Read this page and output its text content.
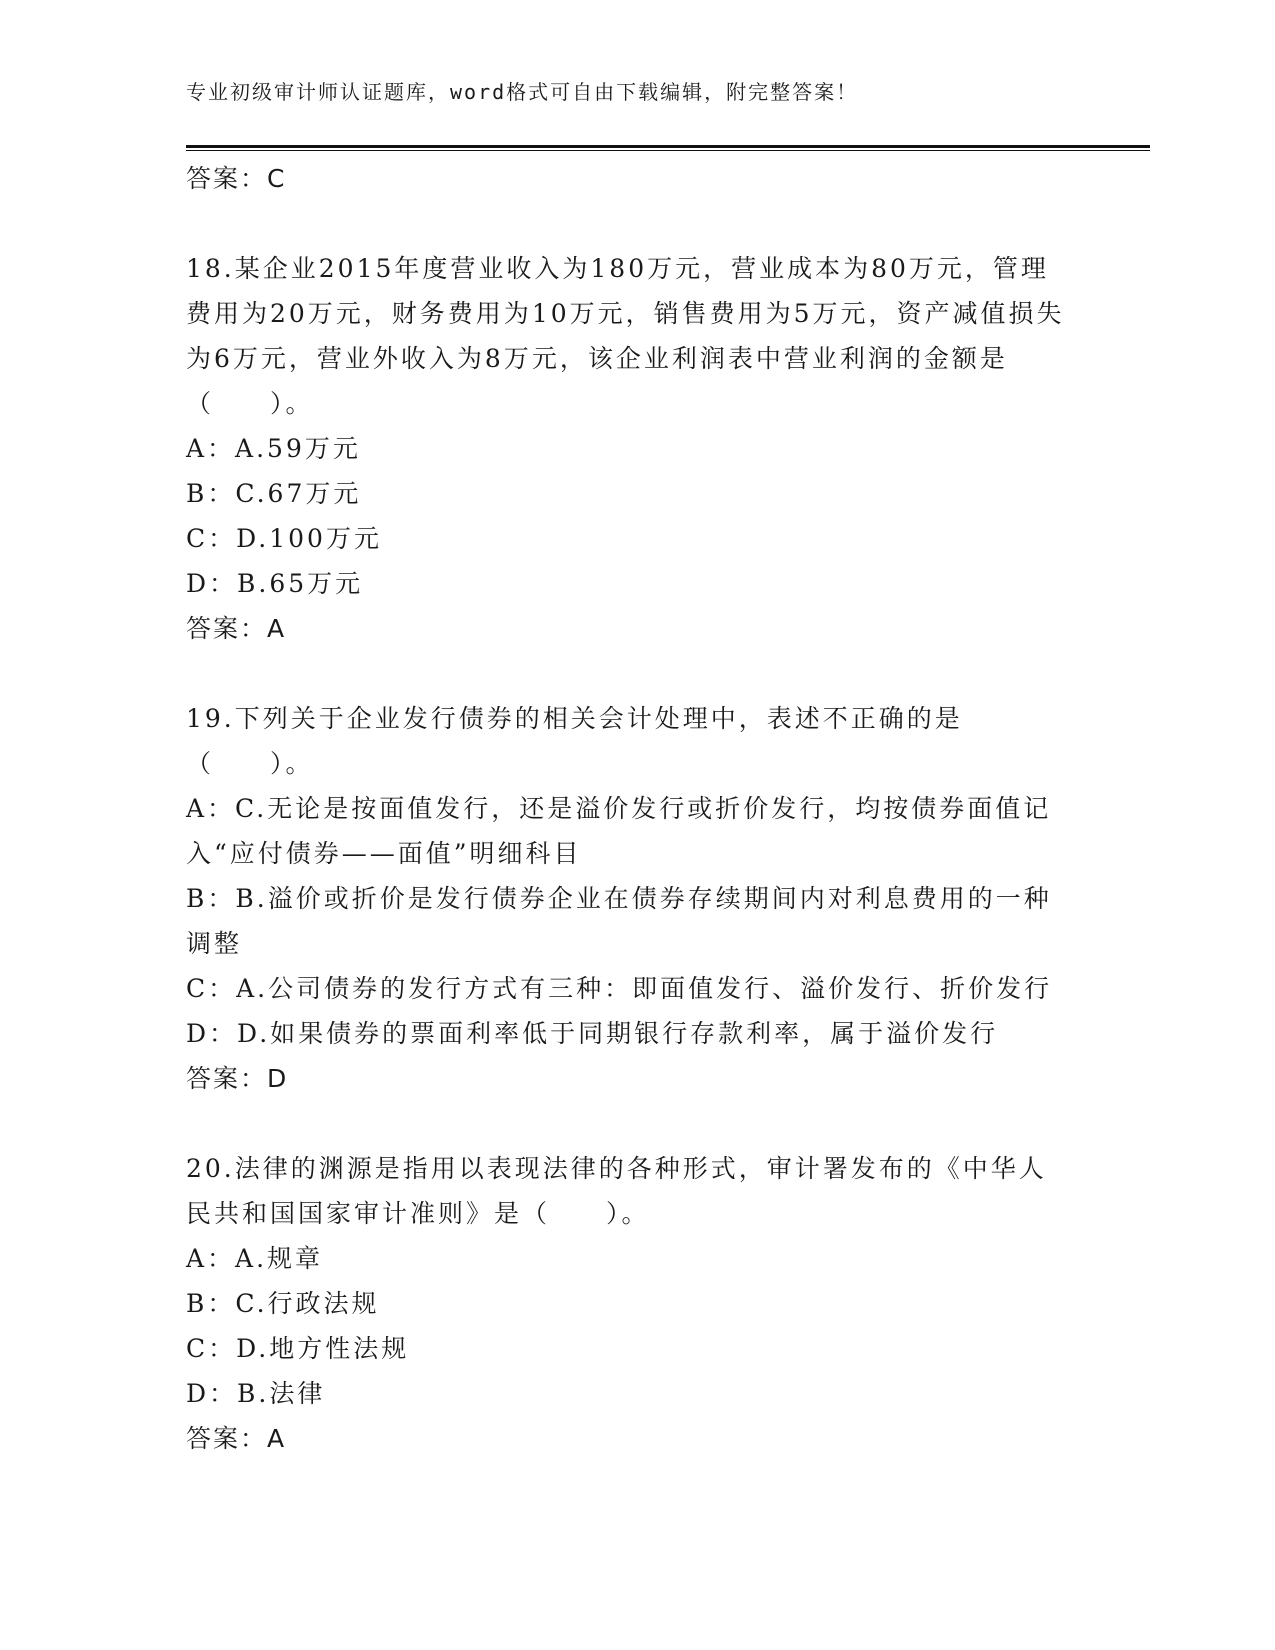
专业初级审计师认证题库，word格式可自由下载编辑，附完整答案！
答案：C
18.某企业2015年度营业收入为180万元，营业成本为80万元，管理费用为20万元，财务费用为10万元，销售费用为5万元，资产减值损失为6万元，营业外收入为8万元，该企业利润表中营业利润的金额是（　　）。
A：A.59万元
B：C.67万元
C：D.100万元
D：B.65万元
答案：A
19.下列关于企业发行债券的相关会计处理中，表述不正确的是（　　）。
A：C.无论是按面值发行，还是溢价发行或折价发行，均按债券面值记入“应付债券——面值”明细科目
B：B.溢价或折价是发行债券企业在债券存续期间内对利息费用的一种调整
C：A.公司债券的发行方式有三种：即面值发行、溢价发行、折价发行
D：D.如果债券的票面利率低于同期银行存款利率，属于溢价发行
答案：D
20.法律的渊源是指用以表现法律的各种形式，审计署发布的《中华人民共和国国家审计准则》是（　　）。
A：A.规章
B：C.行政法规
C：D.地方性法规
D：B.法律
答案：A
